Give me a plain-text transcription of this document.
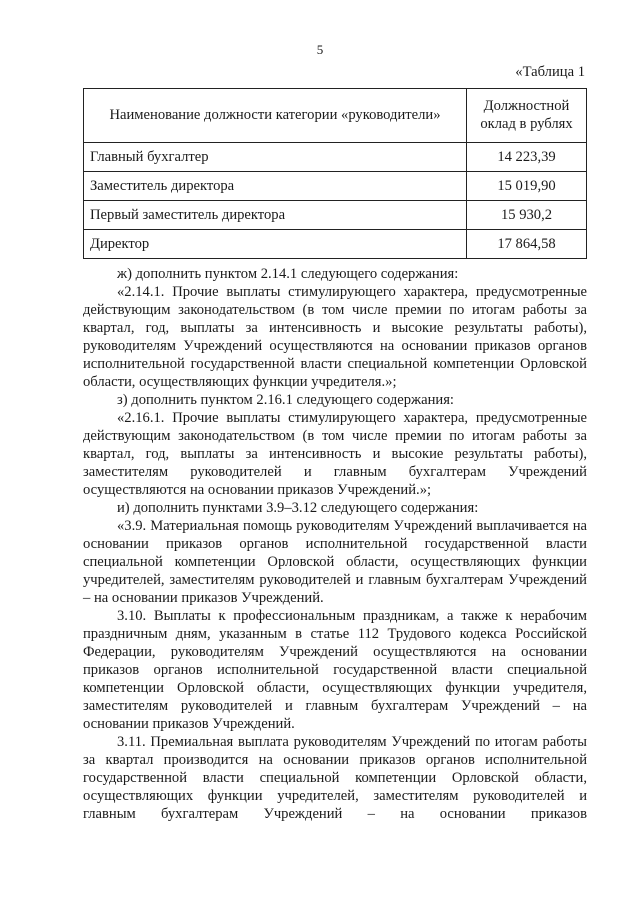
5
«Таблица 1
Наименование должности категории «руководители»	Должностной оклад в рублях
Главный бухгалтер	14 223,39
Заместитель директора	15 019,90
Первый заместитель директора	15 930,2
Директор	17 864,58

ж) дополнить пунктом 2.14.1 следующего содержания:

«2.14.1. Прочие выплаты стимулирующего характера, предусмотренные действующим законодательством (в том числе премии по итогам работы за квартал, год, выплаты за интенсивность и высокие результаты работы), руководителям Учреждений осуществляются на основании приказов органов исполнительной государственной власти специальной компетенции Орловской области, осуществляющих функции учредителя.»;

з) дополнить пунктом 2.16.1 следующего содержания:

«2.16.1. Прочие выплаты стимулирующего характера, предусмотренные действующим законодательством (в том числе премии по итогам работы за квартал, год, выплаты за интенсивность и высокие результаты работы), заместителям руководителей и главным бухгалтерам Учреждений осуществляются на основании приказов Учреждений.»;

и) дополнить пунктами 3.9–3.12 следующего содержания:

«3.9. Материальная помощь руководителям Учреждений выплачивается на основании приказов органов исполнительной государственной власти специальной компетенции Орловской области, осуществляющих функции учредителей, заместителям руководителей и главным бухгалтерам Учреждений – на основании приказов Учреждений.

3.10. Выплаты к профессиональным праздникам, а также к нерабочим праздничным дням, указанным в статье 112 Трудового кодекса Российской Федерации, руководителям Учреждений осуществляются на основании приказов органов исполнительной государственной власти специальной компетенции Орловской области, осуществляющих функции учредителя, заместителям руководителей и главным бухгалтерам Учреждений – на основании приказов Учреждений.

3.11. Премиальная выплата руководителям Учреждений по итогам работы за квартал производится на основании приказов органов исполнительной государственной власти специальной компетенции Орловской области, осуществляющих функции учредителей, заместителям руководителей и главным бухгалтерам Учреждений – на основании приказов
